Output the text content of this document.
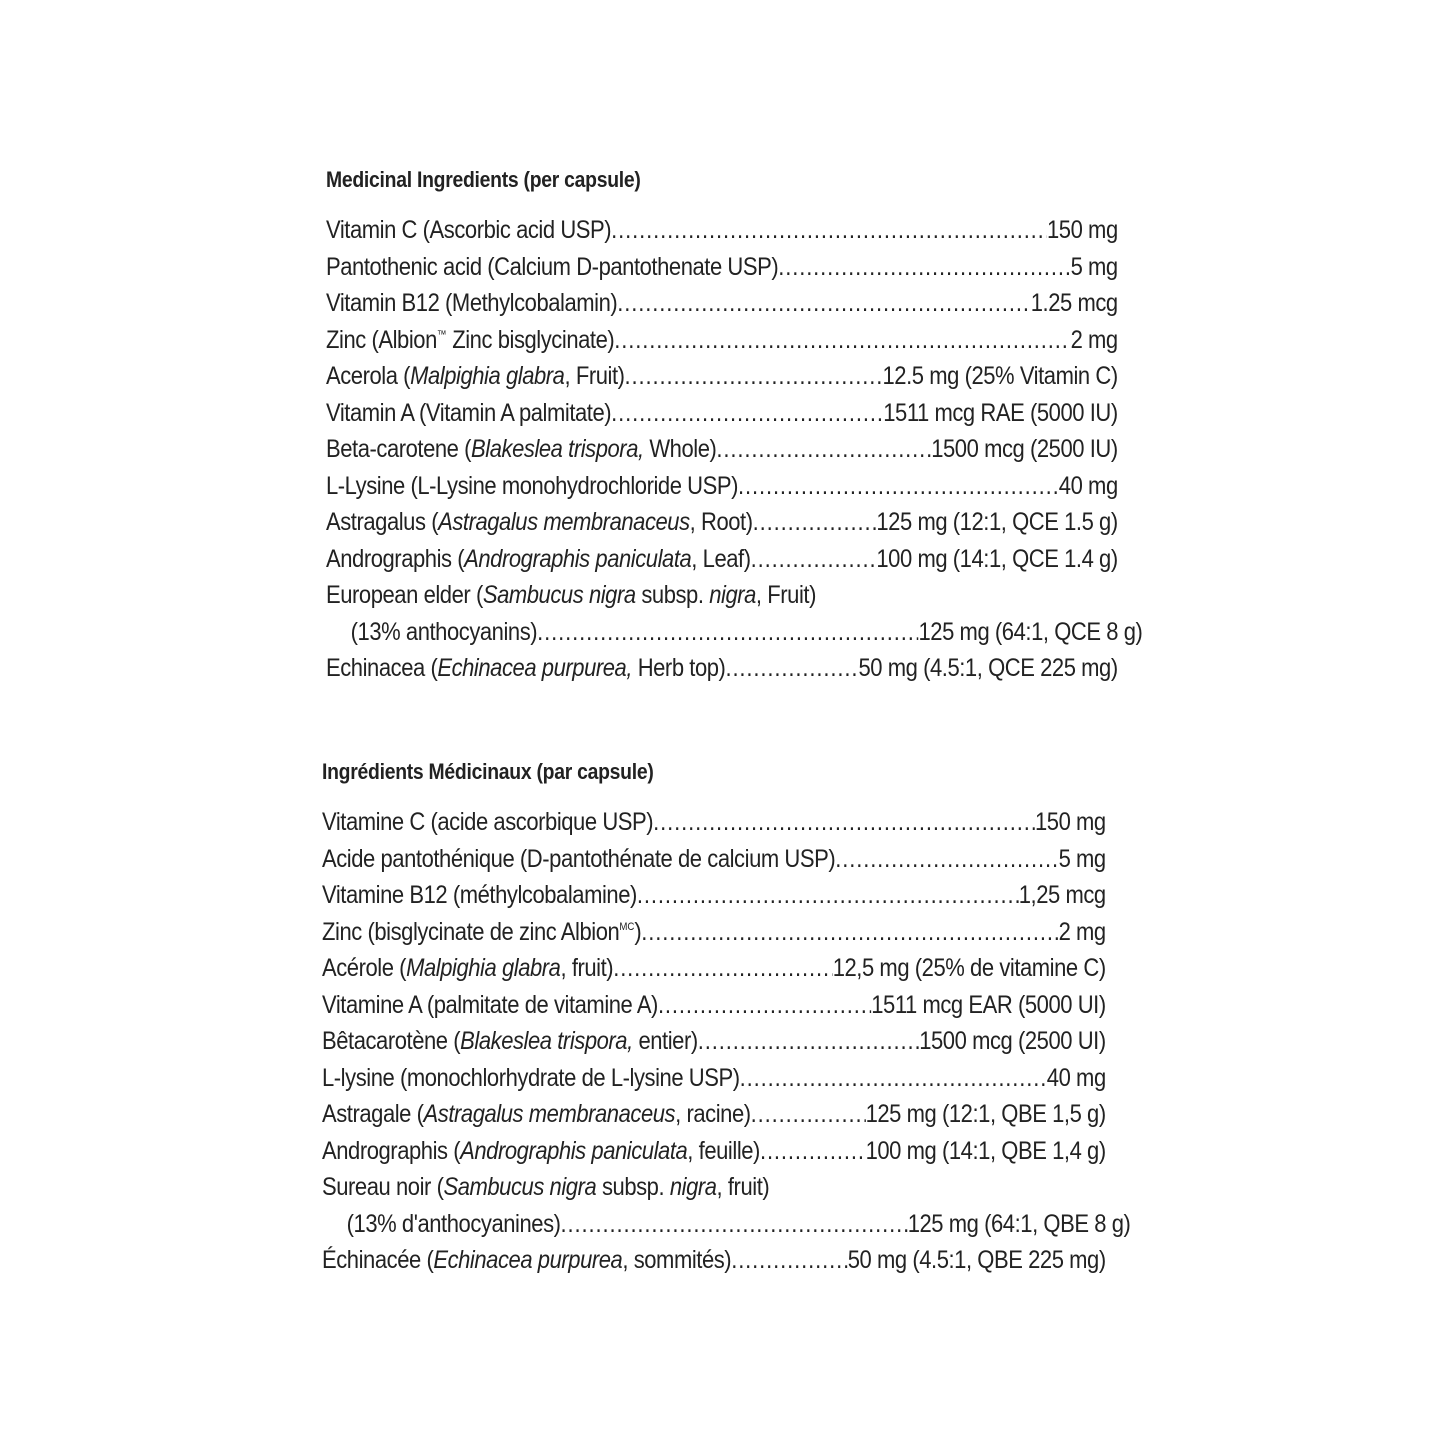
Medicinal Ingredients (per capsule)
Vitamin C (Ascorbic acid USP) .....	150 mg
Pantothenic acid (Calcium D-pantothenate USP) .....	5 mg
Vitamin B12 (Methylcobalamin) .....	1.25 mcg
Zinc (Albion™ Zinc bisglycinate) .....	2 mg
Acerola (Malpighia glabra, Fruit) .....	12.5 mg (25% Vitamin C)
Vitamin A (Vitamin A palmitate) .....	1511 mcg RAE (5000 IU)
Beta-carotene (Blakeslea trispora, Whole) .....	1500 mcg (2500 IU)
L-Lysine (L-Lysine monohydrochloride USP) .....	40 mg
Astragalus (Astragalus membranaceus, Root) .....	125 mg (12:1, QCE 1.5 g)
Andrographis (Andrographis paniculata, Leaf) .....	100 mg (14:1, QCE 1.4 g)
European elder (Sambucus nigra subsp. nigra, Fruit)
(13% anthocyanins) .....	125 mg (64:1, QCE 8 g)
Echinacea (Echinacea purpurea, Herb top) .....	50 mg (4.5:1, QCE 225 mg)
Ingrédients Médicinaux (par capsule)
Vitamine C (acide ascorbique USP) .....	150 mg
Acide pantothénique (D-pantothénate de calcium USP) .....	5 mg
Vitamine B12 (méthylcobalamine) .....	1,25 mcg
Zinc (bisglycinate de zinc Albion$^{MC}$) .....	2 mg
Acérole (Malpighia glabra, fruit) .....	12,5 mg (25% de vitamine C)
Vitamine A (palmitate de vitamine A) .....	1511 mcg EAR (5000 UI)
Bêtacarotène (Blakeslea trispora, entier) .....	1500 mcg (2500 UI)
L-lysine (monochlorhydrate de L-lysine USP) .....	40 mg
Astragale (Astragalus membranaceus, racine) .....	125 mg (12:1, QBE 1,5 g)
Andrographis (Andrographis paniculata, feuille) .....	100 mg (14:1, QBE 1,4 g)
Sureau noir (Sambucus nigra subsp. nigra, fruit)
(13% d'anthocyanines) .....	125 mg (64:1, QBE 8 g)
Échinacée (Echinacea purpurea, sommités) .....	50 mg (4.5:1, QBE 225 mg)
